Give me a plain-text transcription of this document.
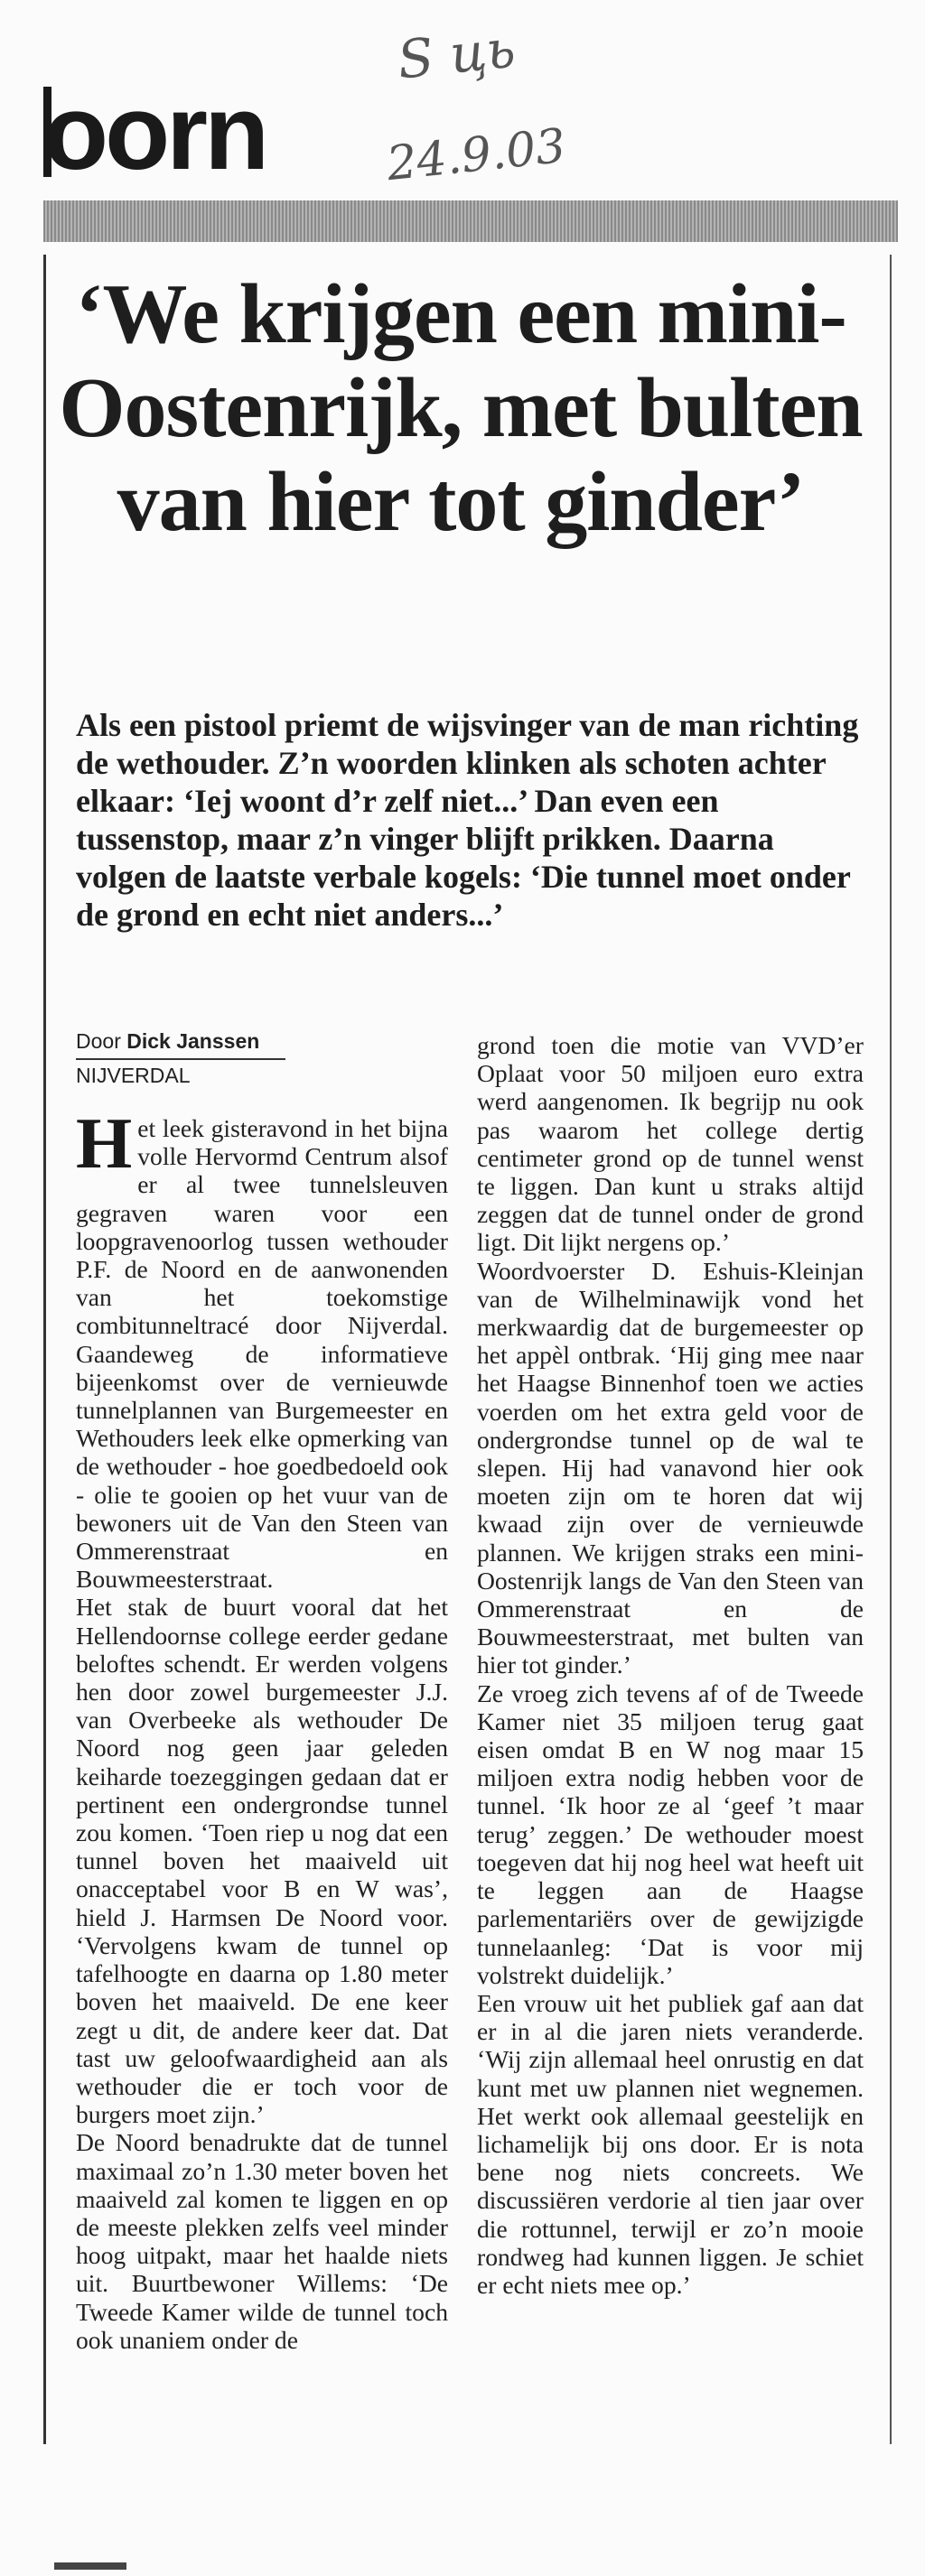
oorn
Ѕ ць
24.9.03
‘We krijgen een mini-Oostenrijk, met bulten van hier tot ginder’

Als een pistool priemt de wijsvinger van de man richting de wethouder. Z’n woorden klinken als schoten achter elkaar: ‘Iej woont d’r zelf niet...’ Dan even een tussenstop, maar z’n vinger blijft prikken. Daarna volgen de laatste verbale kogels: ‘Die tunnel moet onder de grond en echt niet anders...’

Door Dick Janssen
NIJVERDAL

Het leek gisteravond in het bijna volle Hervormd Centrum alsof er al twee tunnelsleuven gegraven waren voor een loopgravenoorlog tussen wethouder P.F. de Noord en de aanwonenden van het toekomstige combitunneltracé door Nijverdal. Gaandeweg de informatieve bijeenkomst over de vernieuwde tunnelplannen van Burgemeester en Wethouders leek elke opmerking van de wethouder - hoe goedbedoeld ook - olie te gooien op het vuur van de bewoners uit de Van den Steen van Ommerenstraat en Bouwmeesterstraat.

Het stak de buurt vooral dat het Hellendoornse college eerder gedane beloftes schendt. Er werden volgens hen door zowel burgemeester J.J. van Overbeeke als wethouder De Noord nog geen jaar geleden keiharde toezeggingen gedaan dat er pertinent een ondergrondse tunnel zou komen. ‘Toen riep u nog dat een tunnel boven het maaiveld uit onacceptabel voor B en W was’, hield J. Harmsen De Noord voor. ‘Vervolgens kwam de tunnel op tafelhoogte en daarna op 1.80 meter boven het maaiveld. De ene keer zegt u dit, de andere keer dat. Dat tast uw geloofwaardigheid aan als wethouder die er toch voor de burgers moet zijn.’

De Noord benadrukte dat de tunnel maximaal zo’n 1.30 meter boven het maaiveld zal komen te liggen en op de meeste plekken zelfs veel minder hoog uitpakt, maar het haalde niets uit. Buurtbewoner Willems: ‘De Tweede Kamer wilde de tunnel toch ook unaniem onder de

grond toen die motie van VVD’er Oplaat voor 50 miljoen euro extra werd aangenomen. Ik begrijp nu ook pas waarom het college dertig centimeter grond op de tunnel wenst te liggen. Dan kunt u straks altijd zeggen dat de tunnel onder de grond ligt. Dit lijkt nergens op.’

Woordvoerster D. Eshuis-Kleinjan van de Wilhelminawijk vond het merkwaardig dat de burgemeester op het appèl ontbrak. ‘Hij ging mee naar het Haagse Binnenhof toen we acties voerden om het extra geld voor de ondergrondse tunnel op de wal te slepen. Hij had vanavond hier ook moeten zijn om te horen dat wij kwaad zijn over de vernieuwde plannen. We krijgen straks een mini-Oostenrijk langs de Van den Steen van Ommerenstraat en de Bouwmeesterstraat, met bulten van hier tot ginder.’

Ze vroeg zich tevens af of de Tweede Kamer niet 35 miljoen terug gaat eisen omdat B en W nog maar 15 miljoen extra nodig hebben voor de tunnel. ‘Ik hoor ze al ‘geef ’t maar terug’ zeggen.’ De wethouder moest toegeven dat hij nog heel wat heeft uit te leggen aan de Haagse parlementariërs over de gewijzigde tunnelaanleg: ‘Dat is voor mij volstrekt duidelijk.’

Een vrouw uit het publiek gaf aan dat er in al die jaren niets veranderde. ‘Wij zijn allemaal heel onrustig en dat kunt met uw plannen niet wegnemen. Het werkt ook allemaal geestelijk en lichamelijk bij ons door. Er is nota bene nog niets concreets. We discussiëren verdorie al tien jaar over die rottunnel, terwijl er zo’n mooie rondweg had kunnen liggen. Je schiet er echt niets mee op.’
